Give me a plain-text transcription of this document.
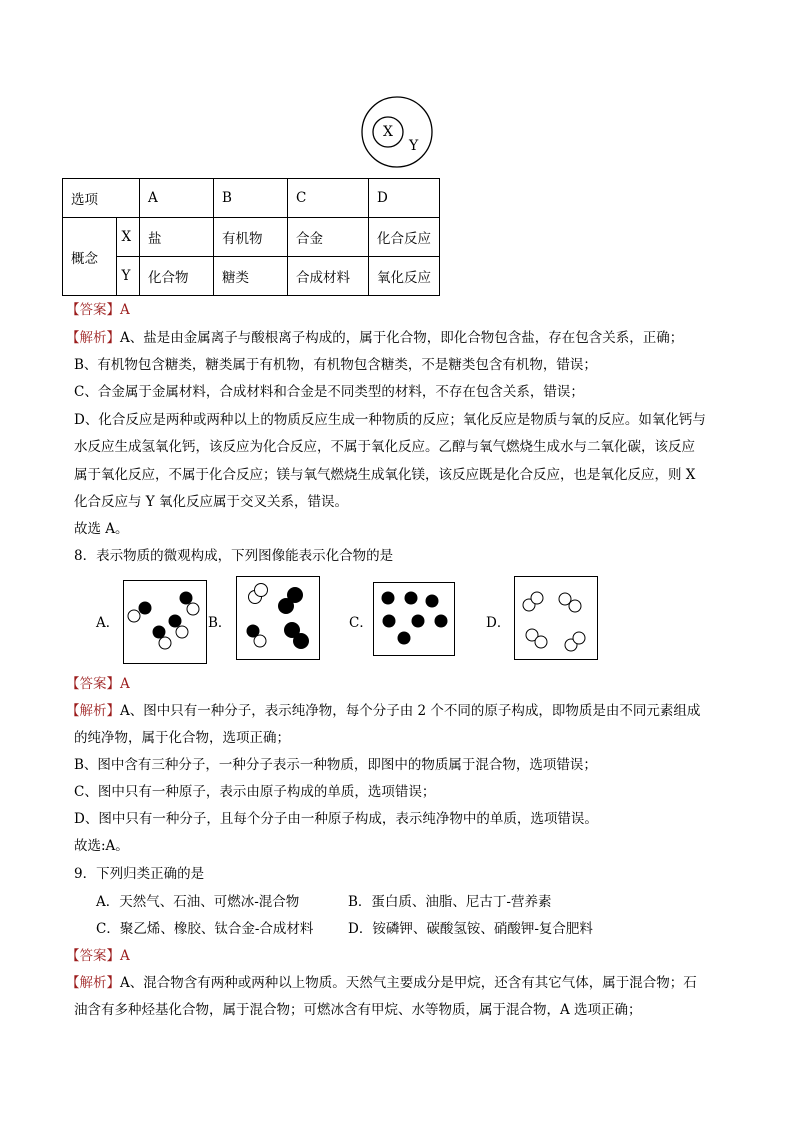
X
Y
选项		A	B	C	D
概念	X	盐	有机物	合金	化合反应
	Y	化合物	糖类	合成材料	氧化反应
【答案】A
【解析】A、盐是由金属离子与酸根离子构成的，属于化合物，即化合物包含盐，存在包含关系，正确；
B、有机物包含糖类，糖类属于有机物，有机物包含糖类，不是糖类包含有机物，错误；
C、合金属于金属材料，合成材料和合金是不同类型的材料，不存在包含关系，错误；
D、化合反应是两种或两种以上的物质反应生成一种物质的反应；氧化反应是物质与氧的反应。如氧化钙与
水反应生成氢氧化钙，该反应为化合反应，不属于氧化反应。乙醇与氧气燃烧生成水与二氧化碳，该反应
属于氧化反应，不属于化合反应；镁与氧气燃烧生成氧化镁，该反应既是化合反应，也是氧化反应，则 X
化合反应与 Y 氧化反应属于交叉关系，错误。
故选 A。
8．表示物质的微观构成，下列图像能表示化合物的是
A．	B．	C．	D．
【答案】A
【解析】A、图中只有一种分子，表示纯净物，每个分子由 2 个不同的原子构成，即物质是由不同元素组成
的纯净物，属于化合物，选项正确；
B、图中含有三种分子，一种分子表示一种物质，即图中的物质属于混合物，选项错误；
C、图中只有一种原子，表示由原子构成的单质，选项错误；
D、图中只有一种分子，且每个分子由一种原子构成，表示纯净物中的单质，选项错误。
故选:A。
9．下列归类正确的是
A．天然气、石油、可燃冰-混合物	B．蛋白质、油脂、尼古丁-营养素
C．聚乙烯、橡胶、钛合金-合成材料	D．铵磷钾、碳酸氢铵、硝酸钾-复合肥料
【答案】A
【解析】A、混合物含有两种或两种以上物质。天然气主要成分是甲烷，还含有其它气体，属于混合物；石
油含有多种烃基化合物，属于混合物；可燃冰含有甲烷、水等物质，属于混合物，A 选项正确；
